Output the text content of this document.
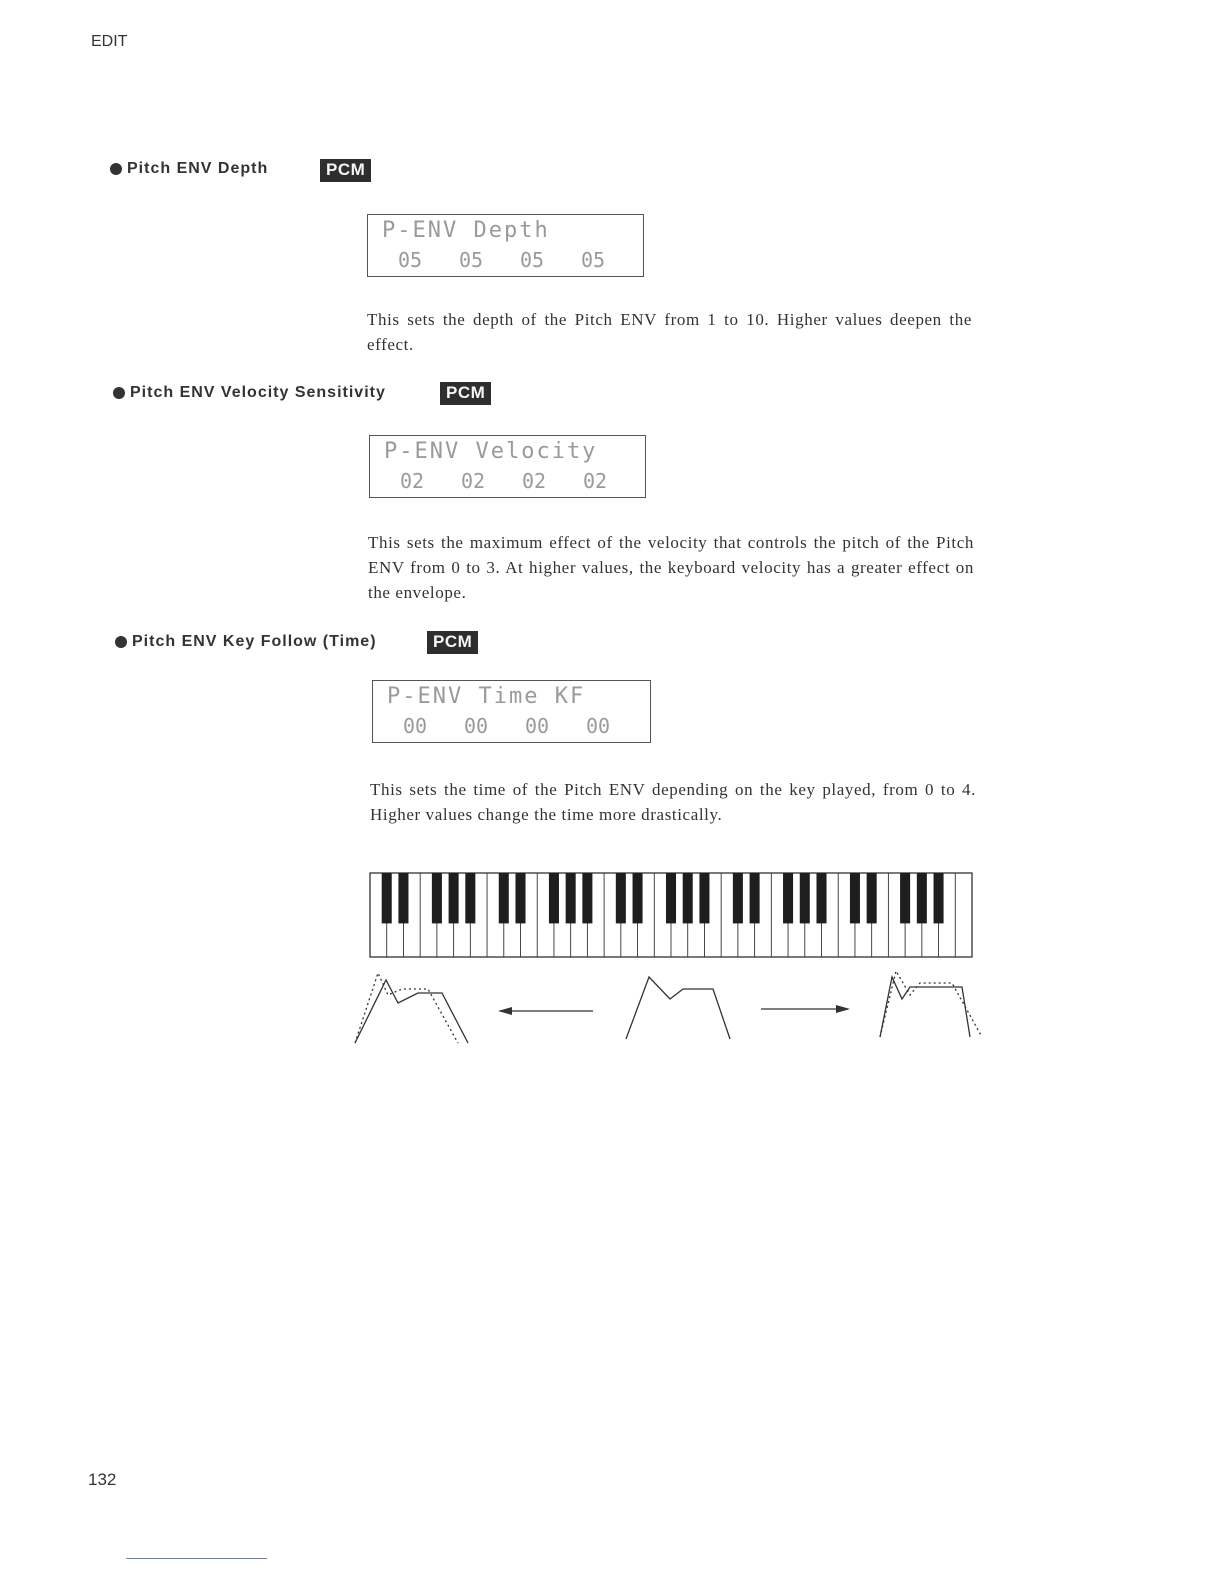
EDIT
Pitch ENV Depth	PCM
P-ENV Depth
05 05 05 05
This sets the depth of the Pitch ENV from 1 to 10. Higher values deepen the effect.
Pitch ENV Velocity Sensitivity	PCM
P-ENV Velocity
02 02 02 02
This sets the maximum effect of the velocity that controls the pitch of the Pitch ENV from 0 to 3. At higher values, the keyboard velocity has a greater effect on the envelope.
Pitch ENV Key Follow (Time)	PCM
P-ENV Time KF
00 00 00 00
This sets the time of the Pitch ENV depending on the key played, from 0 to 4. Higher values change the time more drastically.
132
